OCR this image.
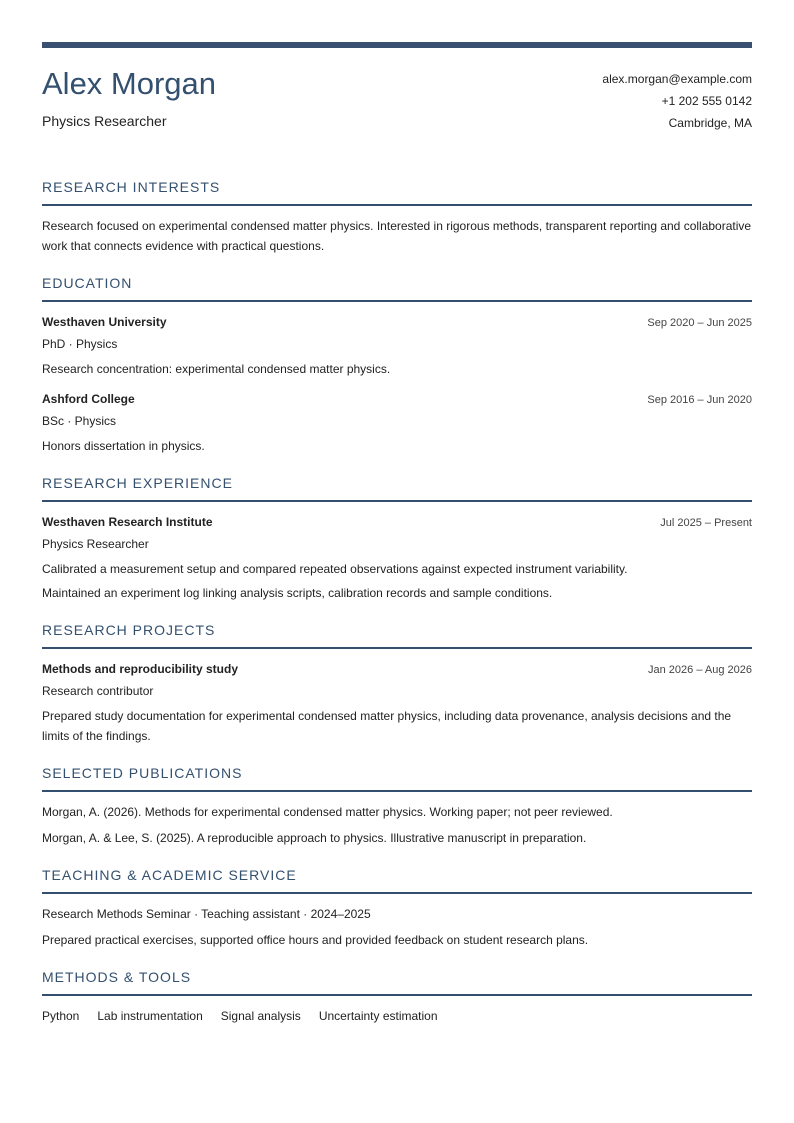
Alex Morgan
Physics Researcher
alex.morgan@example.com
+1 202 555 0142
Cambridge, MA
RESEARCH INTERESTS
Research focused on experimental condensed matter physics. Interested in rigorous methods, transparent reporting and collaborative work that connects evidence with practical questions.
EDUCATION
Westhaven University	Sep 2020 – Jun 2025
PhD · Physics
Research concentration: experimental condensed matter physics.
Ashford College	Sep 2016 – Jun 2020
BSc · Physics
Honors dissertation in physics.
RESEARCH EXPERIENCE
Westhaven Research Institute	Jul 2025 – Present
Physics Researcher
Calibrated a measurement setup and compared repeated observations against expected instrument variability.
Maintained an experiment log linking analysis scripts, calibration records and sample conditions.
RESEARCH PROJECTS
Methods and reproducibility study	Jan 2026 – Aug 2026
Research contributor
Prepared study documentation for experimental condensed matter physics, including data provenance, analysis decisions and the limits of the findings.
SELECTED PUBLICATIONS
Morgan, A. (2026). Methods for experimental condensed matter physics. Working paper; not peer reviewed.
Morgan, A. & Lee, S. (2025). A reproducible approach to physics. Illustrative manuscript in preparation.
TEACHING & ACADEMIC SERVICE
Research Methods Seminar · Teaching assistant · 2024–2025
Prepared practical exercises, supported office hours and provided feedback on student research plans.
METHODS & TOOLS
Python Lab instrumentation Signal analysis Uncertainty estimation
